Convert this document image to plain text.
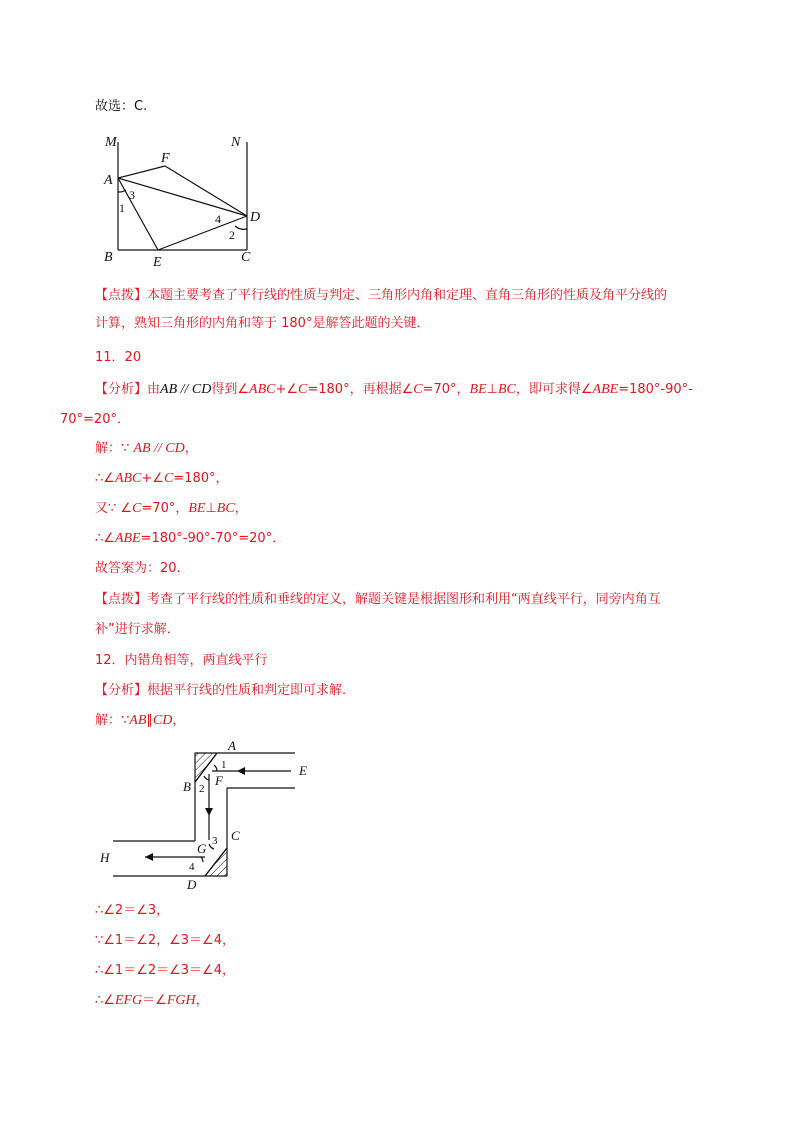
故选：C.
M	N
F
A
D
B	E	C
1
2
3
4
【点拨】本题主要考查了平行线的性质与判定、三角形内角和定理、直角三角形的性质及角平分线的
计算，熟知三角形的内角和等于 180°是解答此题的关键．
11．20
【分析】由AB // CD得到∠ABC+∠C=180°，再根据∠C=70°，BE⊥BC，即可求得∠ABE=180°-90°-
70°=20°．
解：∵ AB // CD，
∴∠ABC+∠C=180°，
又∵ ∠C=70°，BE⊥BC，
∴∠ABE=180°-90°-70°=20°．
故答案为：20.
【点拨】考查了平行线的性质和垂线的定义，解题关键是根据图形和利用“两直线平行，同旁内角互
补”进行求解．
12．内错角相等，两直线平行
【分析】根据平行线的性质和判定即可求解．
解：∵AB∥CD，
A
E
B F
C
G
H
D
1
2
3
4
∴∠2＝∠3，
∵∠1＝∠2，∠3＝∠4，
∴∠1＝∠2＝∠3＝∠4，
∴∠EFG＝∠FGH，
